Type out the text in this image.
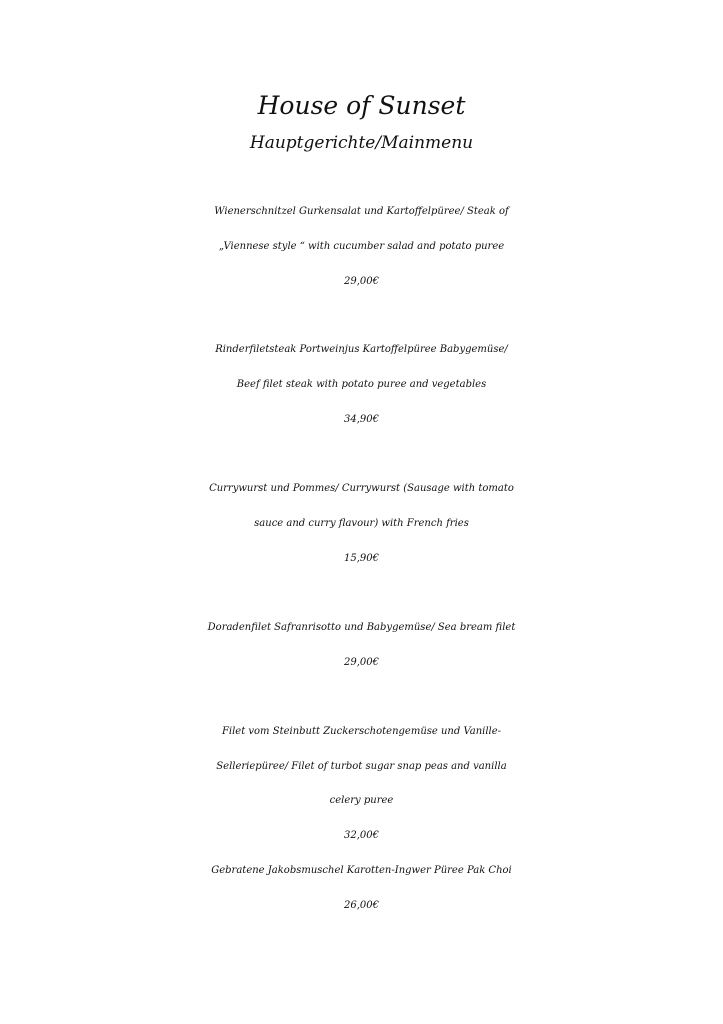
House of Sunset
Hauptgerichte/Mainmenu
Wienerschnitzel Gurkensalat und Kartoffelpüree/ Steak of
„Viennese style “ with cucumber salad and potato puree
29,00€
Rinderfiletsteak Portweinjus Kartoffelpüree Babygemüse/
Beef filet steak with potato puree and vegetables
34,90€
Currywurst und Pommes/ Currywurst (Sausage with tomato
sauce and curry flavour) with French fries
15,90€
Doradenfilet Safranrisotto und Babygemüse/ Sea bream filet
29,00€
Filet vom Steinbutt Zuckerschotengemüse und Vanille-
Selleriepüree/ Filet of turbot sugar snap peas and vanilla
celery puree
32,00€
Gebratene Jakobsmuschel Karotten-Ingwer Püree Pak Choi
26,00€
